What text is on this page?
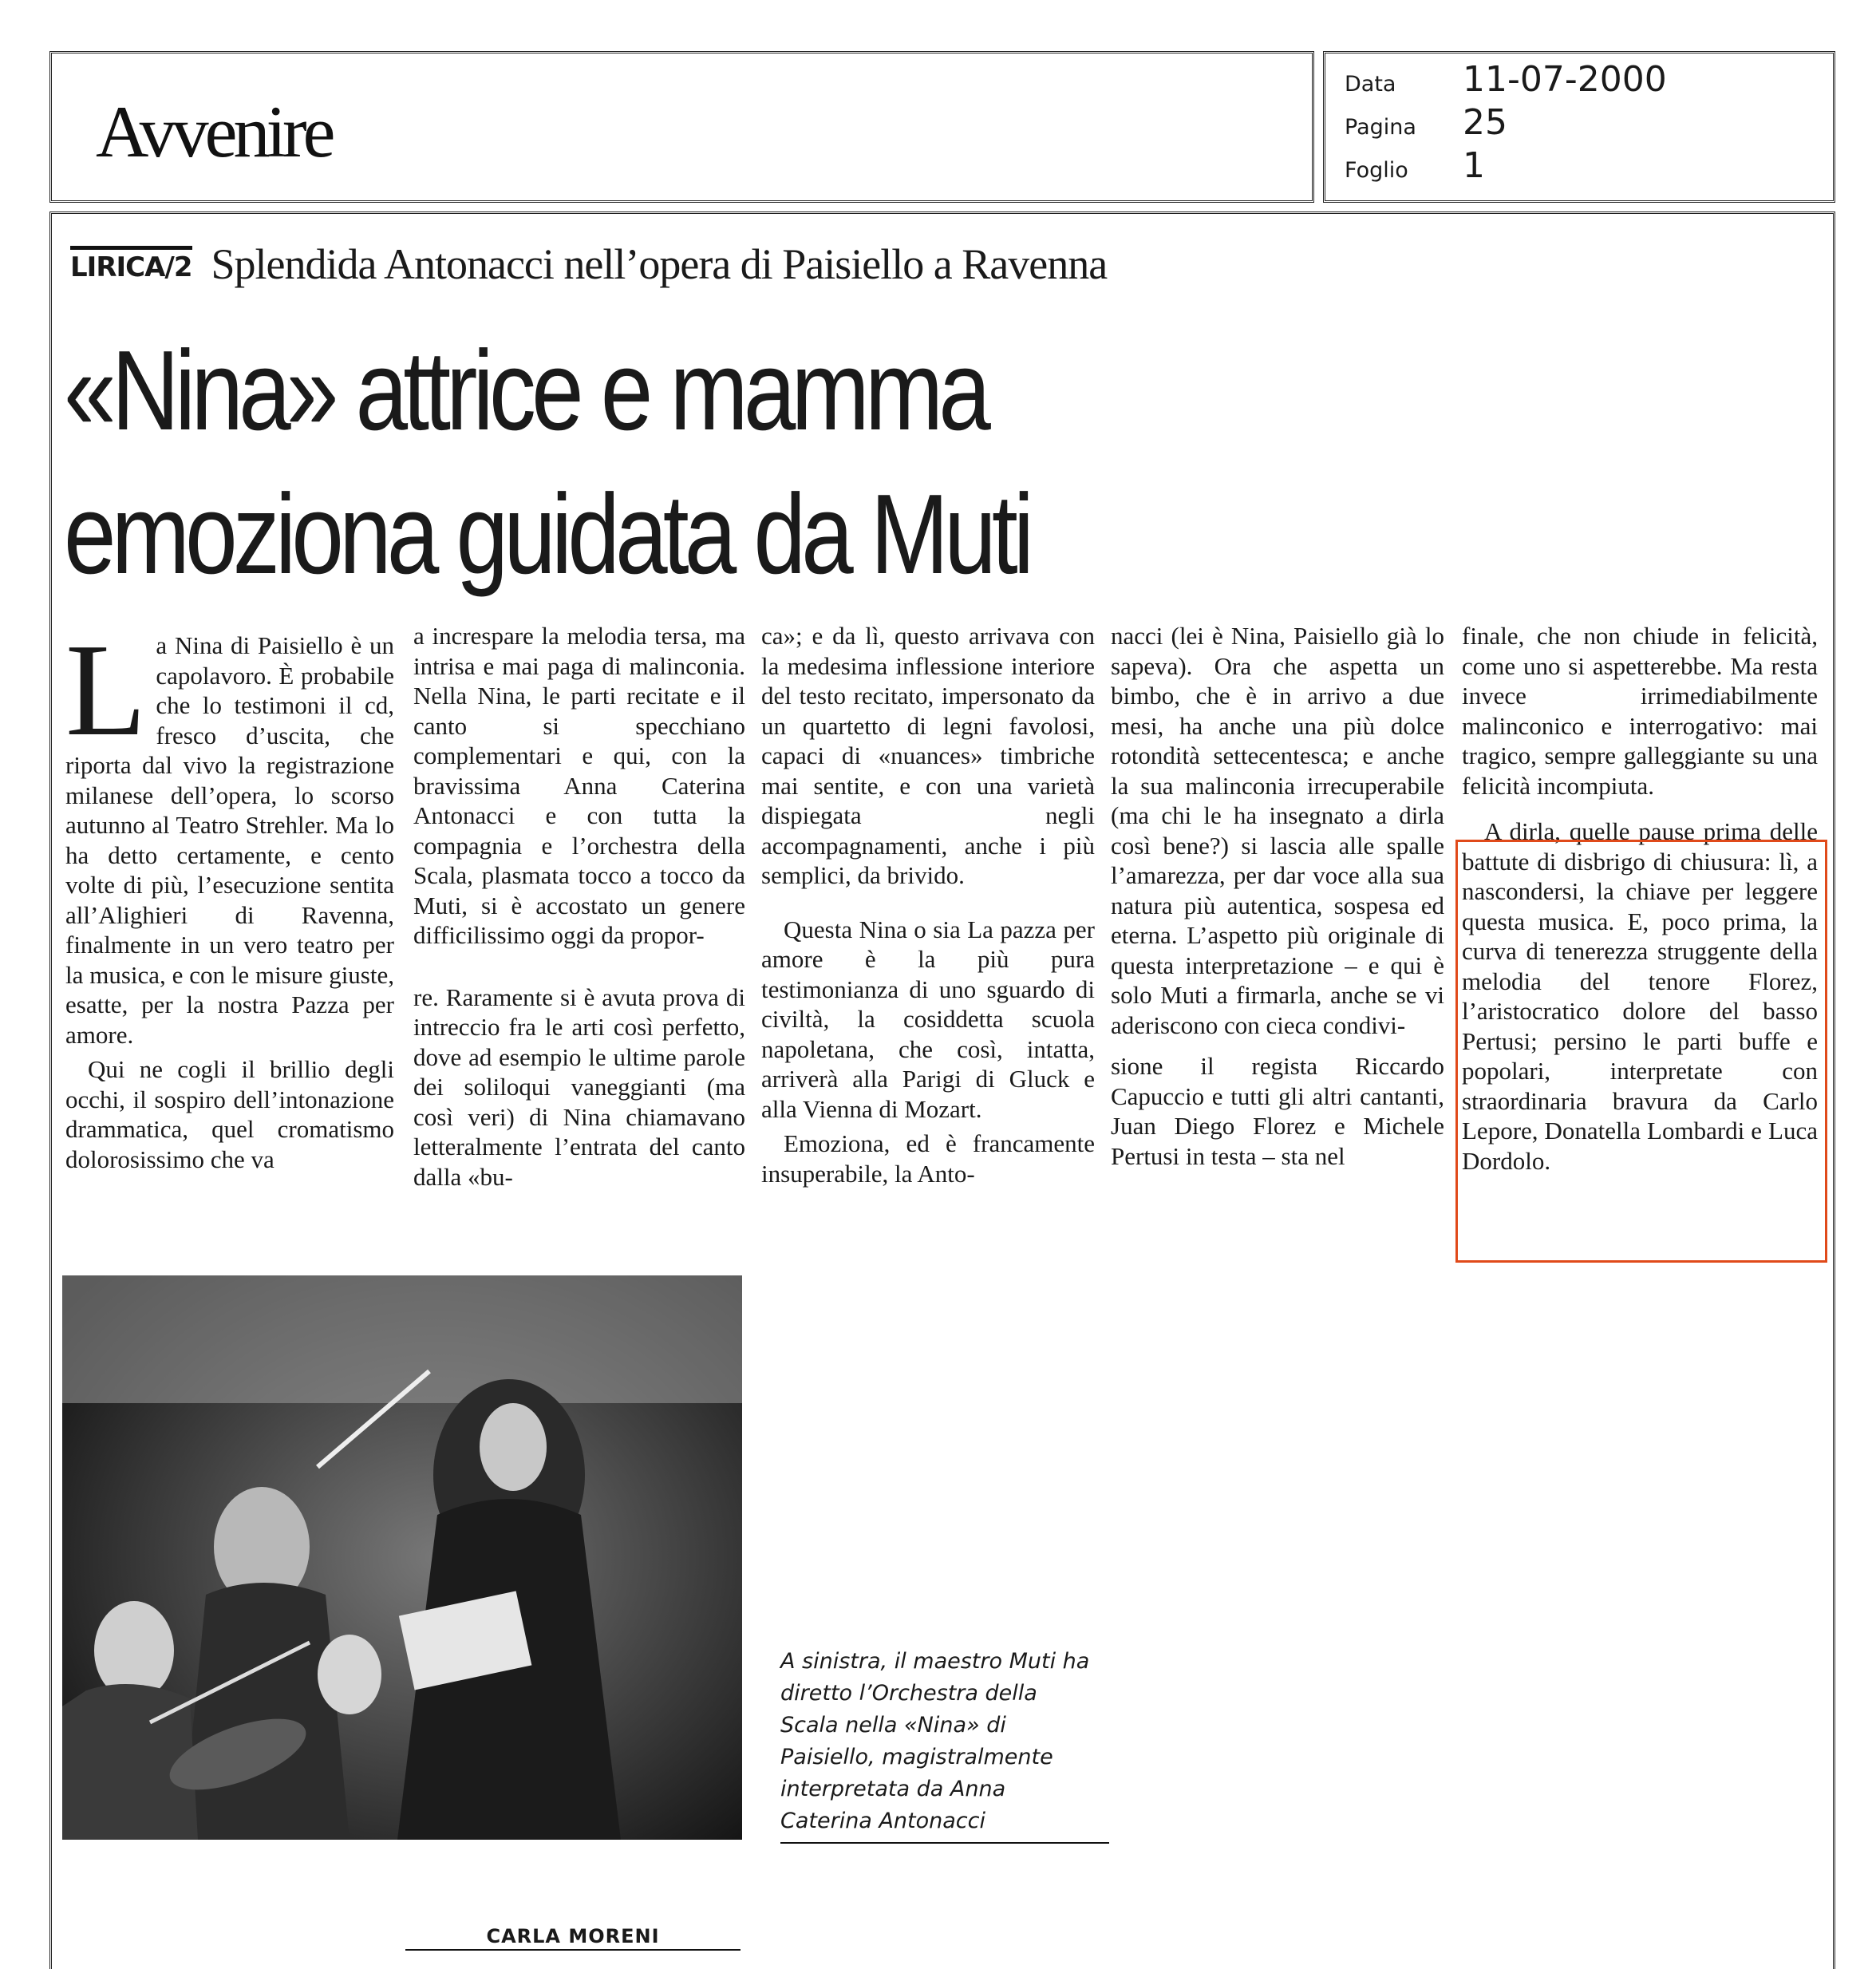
Avvenire
Data	11-07-2000
Pagina	25
Foglio	1
LIRICA/2 Splendida Antonacci nell’opera di Paisiello a Ravenna
«Nina» attrice e mamma
emoziona guidata da Muti

La Nina di Paisiello è un capolavoro. È probabile che lo testimoni il cd, fresco d’uscita, che riporta dal vivo la registrazione milanese dell’opera, lo scorso autunno al Teatro Strehler. Ma lo ha detto certamente, e cento volte di più, l’esecuzione sentita all’Alighieri di Ravenna, finalmente in un vero teatro per la musica, e con le misure giuste, esatte, per la nostra Pazza per amore.

Qui ne cogli il brillio degli occhi, il sospiro dell’intonazione drammatica, quel cromatismo dolorosissimo che va

a increspare la melodia tersa, ma intrisa e mai paga di malinconia. Nella Nina, le parti recitate e il canto si specchiano complementari e qui, con la bravissima Anna Caterina Antonacci e con tutta la compagnia e l’orchestra della Scala, plasmata tocco a tocco da Muti, si è accostato un genere difficilissimo oggi da propor-

re. Raramente si è avuta prova di intreccio fra le arti così perfetto, dove ad esempio le ultime parole dei soliloqui vaneggianti (ma così veri) di Nina chiamavano letteralmente l’entrata del canto dalla «bu-

ca»; e da lì, questo arrivava con la medesima inflessione interiore del testo recitato, impersonato da un quartetto di legni favolosi, capaci di «nuances» timbriche mai sentite, e con una varietà dispiegata negli accompagnamenti, anche i più semplici, da brivido.

Questa Nina o sia La pazza per amore è la più pura testimonianza di uno sguardo di civiltà, la cosiddetta scuola napoletana, che così, intatta, arriverà alla Parigi di Gluck e alla Vienna di Mozart.

Emoziona, ed è francamente insuperabile, la Anto-

nacci (lei è Nina, Paisiello già lo sapeva). Ora che aspetta un bimbo, che è in arrivo a due mesi, ha anche una più dolce rotondità settecentesca; e anche la sua malinconia irrecuperabile (ma chi le ha insegnato a dirla così bene?) si lascia alle spalle l’amarezza, per dar voce alla sua natura più autentica, sospesa ed eterna. L’aspetto più originale di questa interpretazione – e qui è solo Muti a firmarla, anche se vi aderiscono con cieca condivi-

sione il regista Riccardo Capuccio e tutti gli altri cantanti, Juan Diego Florez e Michele Pertusi in testa – sta nel

finale, che non chiude in felicità, come uno si aspetterebbe. Ma resta invece irrimediabilmente malinconico e interrogativo: mai tragico, sempre galleggiante su una felicità incompiuta.

A dirla, quelle pause prima delle battute di disbrigo di chiusura: lì, a nascondersi, la chiave per leggere questa musica. E, poco prima, la curva di tenerezza struggente della melodia del tenore Florez, l’aristocratico dolore del basso Pertusi; persino le parti buffe e popolari, interpretate con straordinaria bravura da Carlo Lepore, Donatella Lombardi e Luca Dordolo.

A sinistra, il maestro Muti ha diretto l’Orchestra della Scala nella «Nina» di Paisiello, magistralmente interpretata da Anna Caterina Antonacci
CARLA MORENI
